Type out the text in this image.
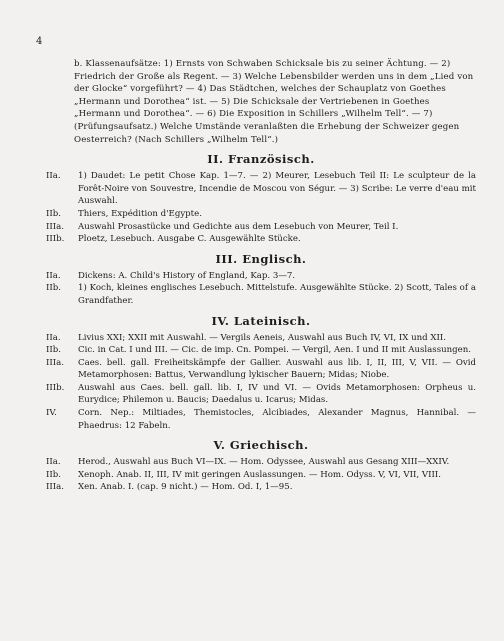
4

b. Klassenaufsätze: 1) Ernsts von Schwaben Schicksale bis zu seiner Ächtung. — 2) Friedrich der Große als Regent. — 3) Welche Lebensbilder werden uns in dem „Lied von der Glocke“ vorgeführt? — 4) Das Städtchen, welches der Schauplatz von Goethes „Hermann und Dorothea“ ist. — 5) Die Schicksale der Vertriebenen in Goethes „Hermann und Dorothea“. — 6) Die Exposition in Schillers „Wilhelm Tell“. — 7) (Prüfungsaufsatz.) Welche Umstände veranlaßten die Erhebung der Schweizer gegen Oesterreich? (Nach Schillers „Wilhelm Tell“.)

II. Französisch.
IIa.	1) Daudet: Le petit Chose Kap. 1—7. — 2) Meurer, Lesebuch Teil II: Le sculpteur de la Forêt-Noire von Souvestre, Incendie de Moscou von Ségur. — 3) Scribe: Le verre d'eau mit Auswahl.
IIb.	Thiers, Expédition d'Egypte.
IIIa.	Auswahl Prosastücke und Gedichte aus dem Lesebuch von Meurer, Teil I.
IIIb.	Ploetz, Lesebuch. Ausgabe C. Ausgewählte Stücke.
III. Englisch.
IIa.	Dickens: A. Child's History of England, Kap. 3—7.
IIb.	1) Koch, kleines englisches Lesebuch. Mittelstufe. Ausgewählte Stücke. 2) Scott, Tales of a Grandfather.
IV. Lateinisch.
IIa.	Livius XXI; XXII mit Auswahl. — Vergils Aeneis, Auswahl aus Buch IV, VI, IX und XII.
IIb.	Cic. in Cat. I und III. — Cic. de imp. Cn. Pompei. — Vergil, Aen. I und II mit Auslassungen.
IIIa.	Caes. bell. gall. Freiheitskämpfe der Gallier. Auswahl aus lib. I, II, III, V, VII. — Ovid Metamorphosen: Battus, Verwandlung lykischer Bauern; Midas; Niobe.
IIIb.	Auswahl aus Caes. bell. gall. lib. I, IV und VI. — Ovids Metamorphosen: Orpheus u. Eurydice; Philemon u. Baucis; Daedalus u. Icarus; Midas.
IV.	Corn. Nep.: Miltiades, Themistocles, Alcibiades, Alexander Magnus, Hannibal. — Phaedrus: 12 Fabeln.
V. Griechisch.
IIa.	Herod., Auswahl aus Buch VI—IX. — Hom. Odyssee, Auswahl aus Gesang XIII—XXIV.
IIb.	Xenoph. Anab. II, III, IV mit geringen Auslassungen. — Hom. Odyss. V, VI, VII, VIII.
IIIa.	Xen. Anab. I. (cap. 9 nicht.) — Hom. Od. I, 1—95.
